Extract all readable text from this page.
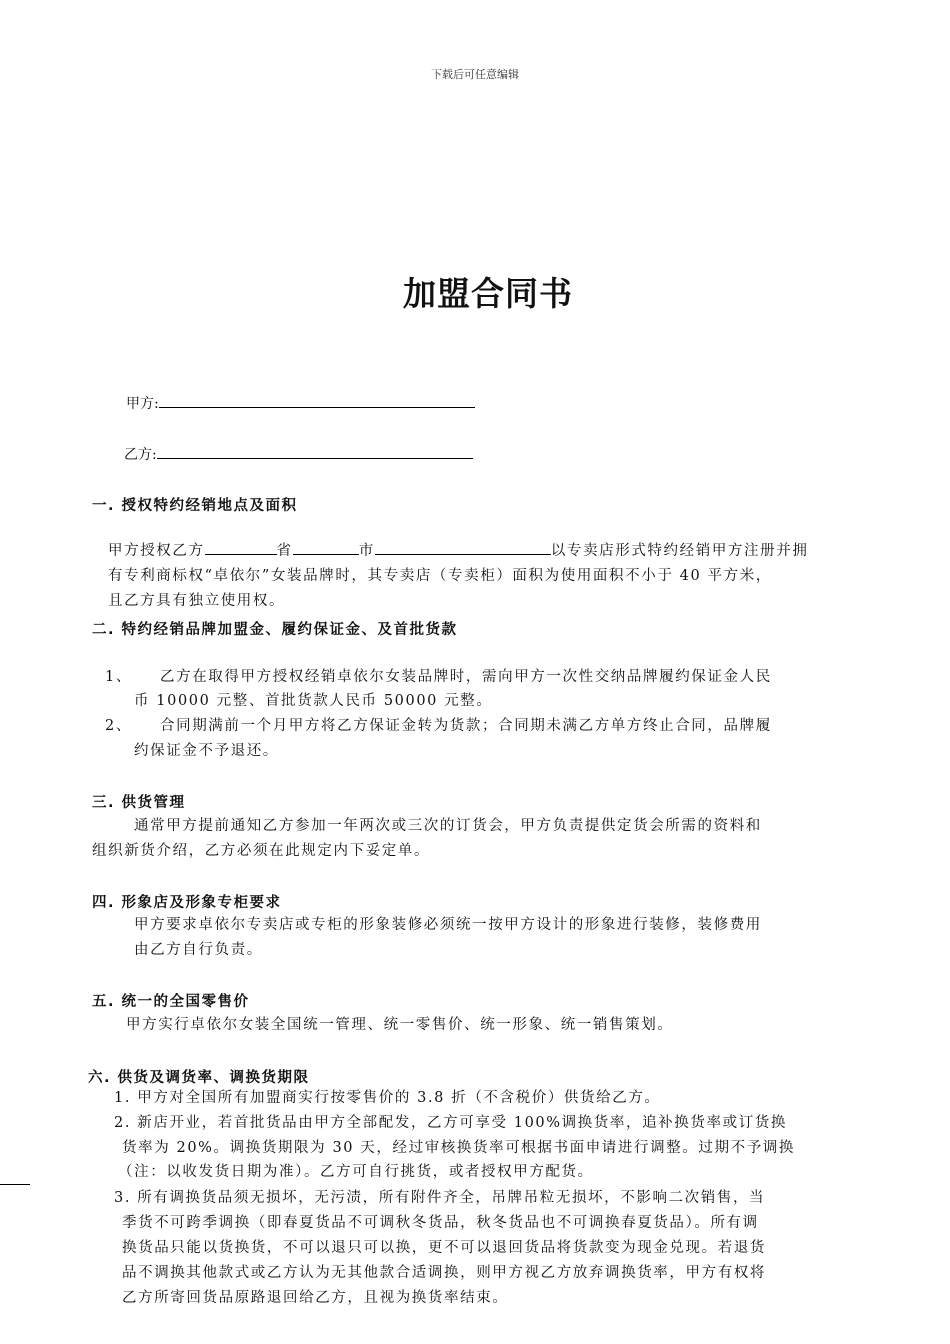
下载后可任意编辑
加盟合同书
甲方:
乙方:
一. 授权特约经销地点及面积
甲方授权乙方	省	市	以专卖店形式特约经销甲方注册并拥
有专利商标权“卓依尔”女装品牌时，其专卖店（专卖柜）面积为使用面积不小于 40 平方米，
且乙方具有独立使用权。
二. 特约经销品牌加盟金、履约保证金、及首批货款
1、 乙方在取得甲方授权经销卓依尔女装品牌时，需向甲方一次性交纳品牌履约保证金人民
币 10000 元整、首批货款人民币 50000 元整。
2、 合同期满前一个月甲方将乙方保证金转为货款；合同期未满乙方单方终止合同，品牌履
约保证金不予退还。
三. 供货管理
通常甲方提前通知乙方参加一年两次或三次的订货会，甲方负责提供定货会所需的资料和
组织新货介绍，乙方必须在此规定内下妥定单。
四. 形象店及形象专柜要求
甲方要求卓依尔专卖店或专柜的形象装修必须统一按甲方设计的形象进行装修，装修费用
由乙方自行负责。
五. 统一的全国零售价
甲方实行卓依尔女装全国统一管理、统一零售价、统一形象、统一销售策划。
六. 供货及调货率、调换货期限
1. 甲方对全国所有加盟商实行按零售价的 3.8 折（不含税价）供货给乙方。
2. 新店开业，若首批货品由甲方全部配发，乙方可享受 100%调换货率，追补换货率或订货换
货率为 20%。调换货期限为 30 天，经过审核换货率可根据书面申请进行调整。过期不予调换
（注：以收发货日期为准）。乙方可自行挑货，或者授权甲方配货。
3. 所有调换货品须无损坏，无污渍，所有附件齐全，吊牌吊粒无损坏，不影响二次销售，当
季货不可跨季调换（即春夏货品不可调秋冬货品，秋冬货品也不可调换春夏货品）。所有调
换货品只能以货换货，不可以退只可以换，更不可以退回货品将货款变为现金兑现。若退货
品不调换其他款式或乙方认为无其他款合适调换，则甲方视乙方放弃调换货率，甲方有权将
乙方所寄回货品原路退回给乙方，且视为换货率结束。
